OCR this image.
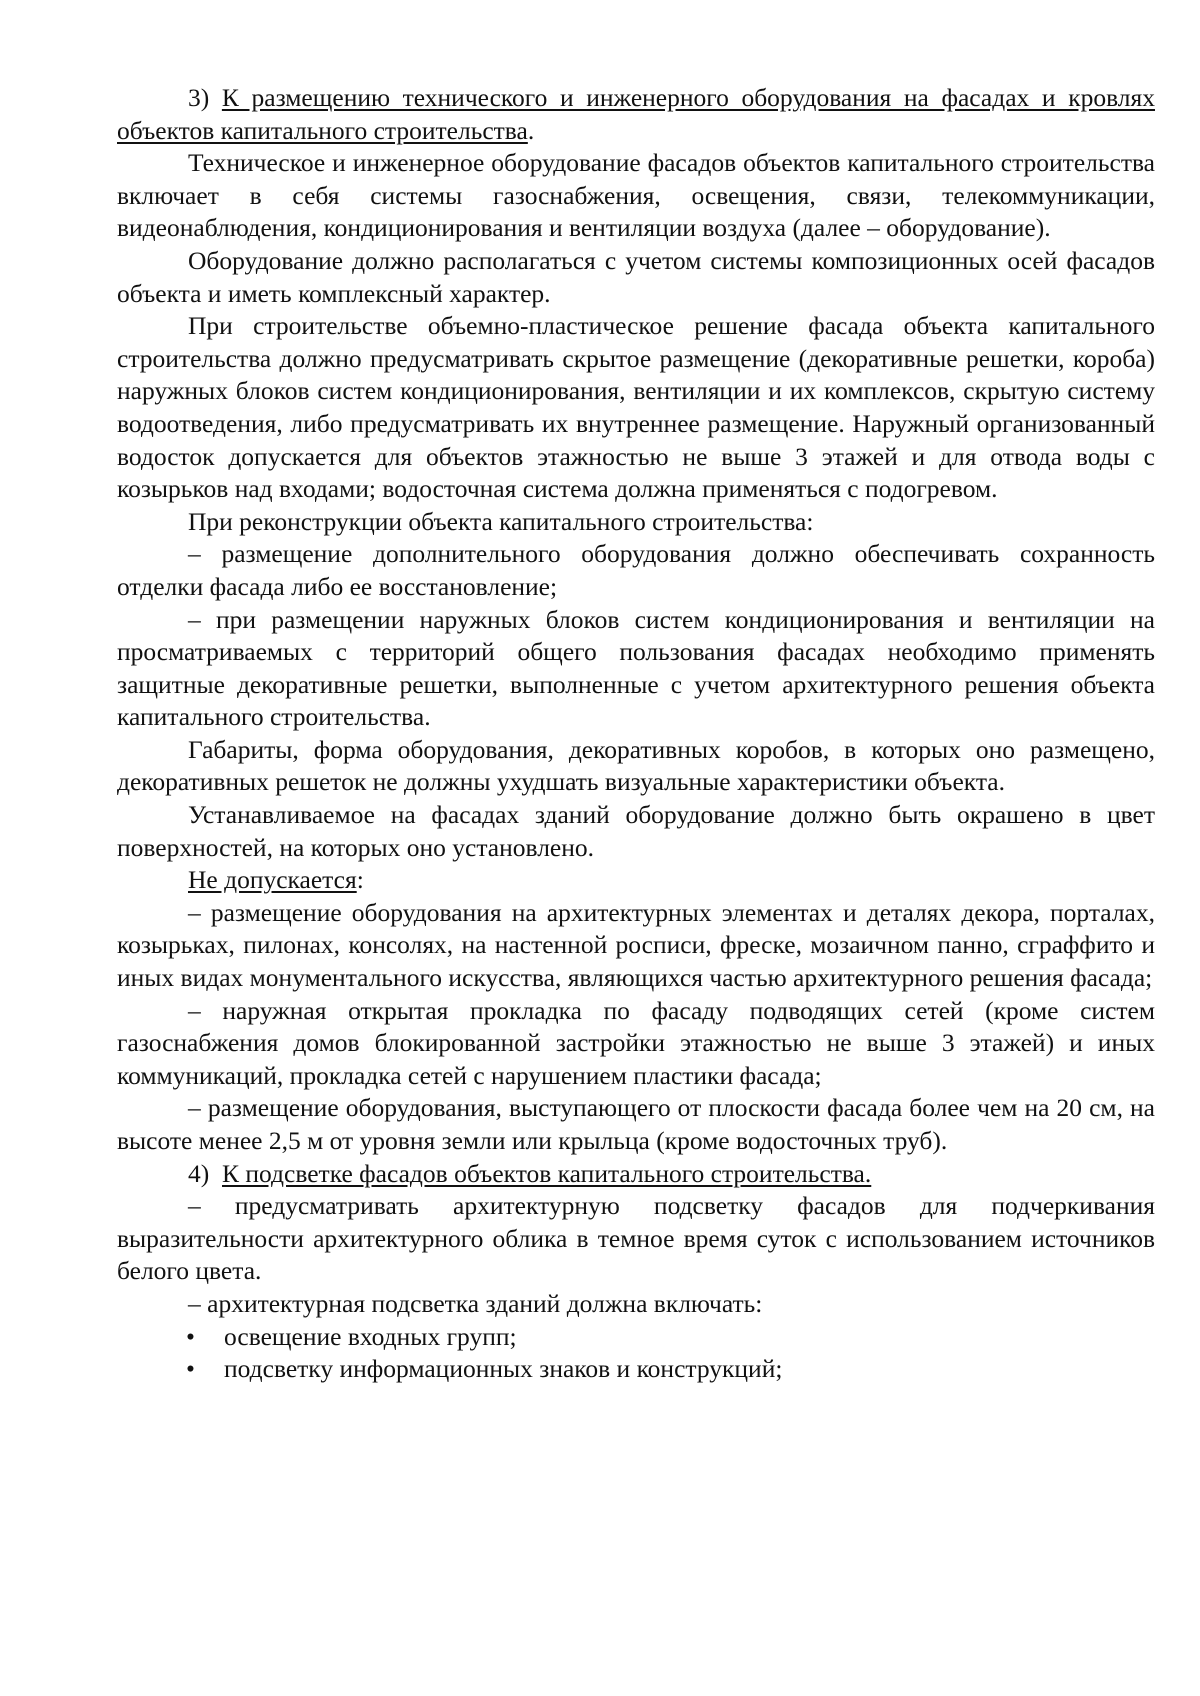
3) К размещению технического и инженерного оборудования на фасадах и кровлях объектов капитального строительства.

Техническое и инженерное оборудование фасадов объектов капитального строительства включает в себя системы газоснабжения, освещения, связи, телекоммуникации, видеонаблюдения, кондиционирования и вентиляции воздуха (далее – оборудование).

Оборудование должно располагаться с учетом системы композиционных осей фасадов объекта и иметь комплексный характер.

При строительстве объемно-пластическое решение фасада объекта капитального строительства должно предусматривать скрытое размещение (декоративные решетки, короба) наружных блоков систем кондиционирования, вентиляции и их комплексов, скрытую систему водоотведения, либо предусматривать их внутреннее размещение. Наружный организованный водосток допускается для объектов этажностью не выше 3 этажей и для отвода воды с козырьков над входами; водосточная система должна применяться с подогревом.

При реконструкции объекта капитального строительства:

– размещение дополнительного оборудования должно обеспечивать сохранность отделки фасада либо ее восстановление;

– при размещении наружных блоков систем кондиционирования и вентиляции на просматриваемых с территорий общего пользования фасадах необходимо применять защитные декоративные решетки, выполненные с учетом архитектурного решения объекта капитального строительства.

Габариты, форма оборудования, декоративных коробов, в которых оно размещено, декоративных решеток не должны ухудшать визуальные характеристики объекта.

Устанавливаемое на фасадах зданий оборудование должно быть окрашено в цвет поверхностей, на которых оно установлено.

Не допускается:

– размещение оборудования на архитектурных элементах и деталях декора, порталах, козырьках, пилонах, консолях, на настенной росписи, фреске, мозаичном панно, сграффито и иных видах монументального искусства, являющихся частью архитектурного решения фасада;

– наружная открытая прокладка по фасаду подводящих сетей (кроме систем газоснабжения домов блокированной застройки этажностью не выше 3 этажей) и иных коммуникаций, прокладка сетей с нарушением пластики фасада;

– размещение оборудования, выступающего от плоскости фасада более чем на 20 см, на высоте менее 2,5 м от уровня земли или крыльца (кроме водосточных труб).

4) К подсветке фасадов объектов капитального строительства.

– предусматривать архитектурную подсветку фасадов для подчеркивания выразительности архитектурного облика в темное время суток с использованием источников белого цвета.

– архитектурная подсветка зданий должна включать:

• освещение входных групп;
• подсветку информационных знаков и конструкций;
